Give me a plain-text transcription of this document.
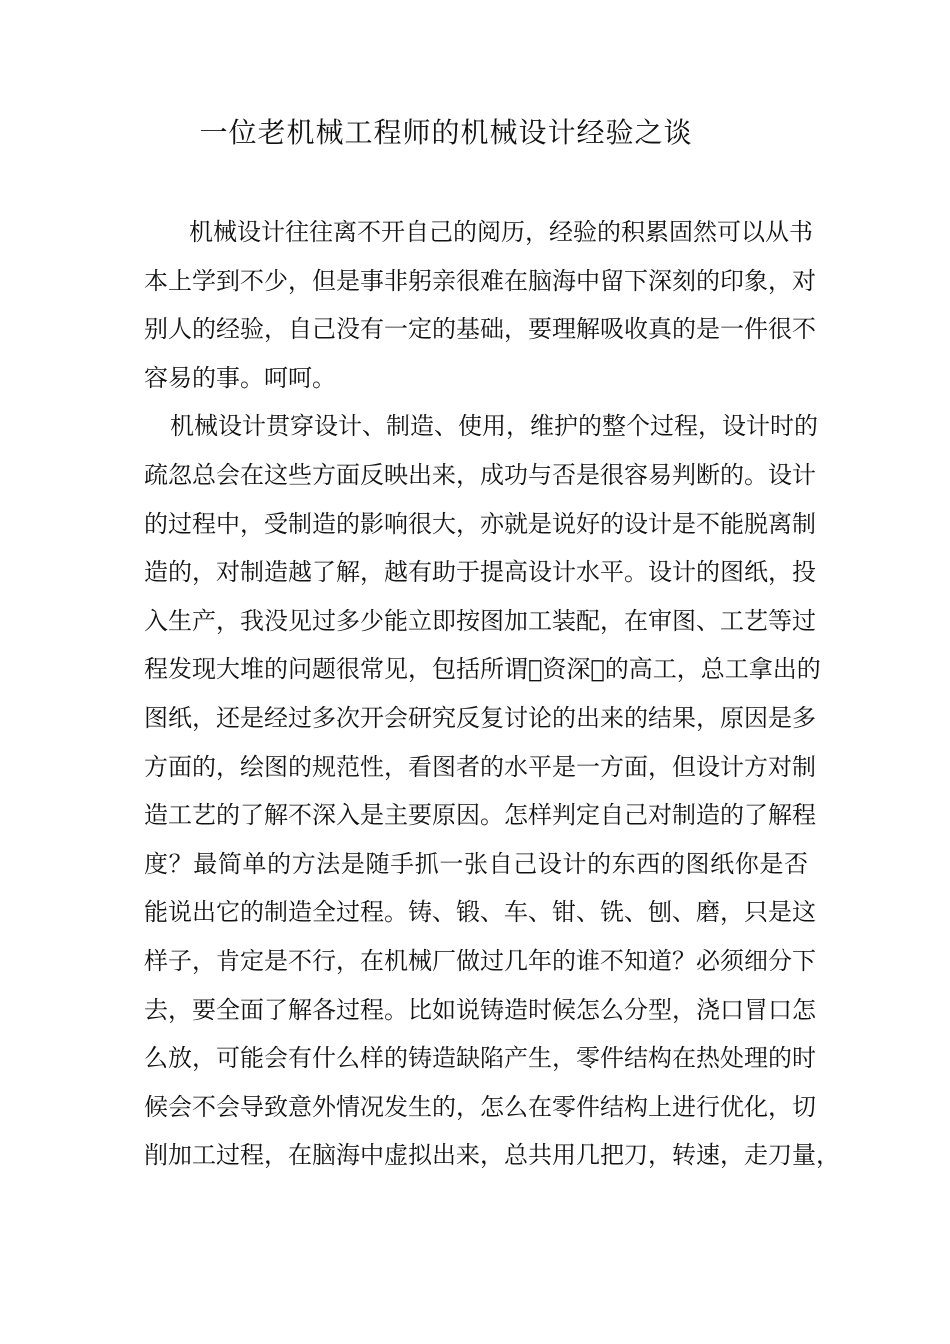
一位老机械工程师的机械设计经验之谈
机械设计往往离不开自己的阅历，经验的积累固然可以从书
本上学到不少，但是事非躬亲很难在脑海中留下深刻的印象，对
别人的经验，自己没有一定的基础，要理解吸收真的是一件很不
容易的事。呵呵。
机械设计贯穿设计、制造、使用，维护的整个过程，设计时的
疏忽总会在这些方面反映出来，成功与否是很容易判断的。设计
的过程中，受制造的影响很大，亦就是说好的设计是不能脱离制
造的，对制造越了解，越有助于提高设计水平。设计的图纸，投
入生产，我没见过多少能立即按图加工装配，在审图、工艺等过
程发现大堆的问题很常见，包括所谓 资深 的高工，总工拿出的
图纸，还是经过多次开会研究反复讨论的出来的结果，原因是多
方面的，绘图的规范性，看图者的水平是一方面，但设计方对制
造工艺的了解不深入是主要原因。怎样判定自己对制造的了解程
度？最简单的方法是随手抓一张自己设计的东西的图纸你是否
能说出它的制造全过程。铸、锻、车、钳、铣、刨、磨，只是这
样子，肯定是不行，在机械厂做过几年的谁不知道？必须细分下
去，要全面了解各过程。比如说铸造时候怎么分型，浇口冒口怎
么放，可能会有什么样的铸造缺陷产生，零件结构在热处理的时
候会不会导致意外情况发生的，怎么在零件结构上进行优化，切
削加工过程，在脑海中虚拟出来，总共用几把刀，转速，走刀量，
